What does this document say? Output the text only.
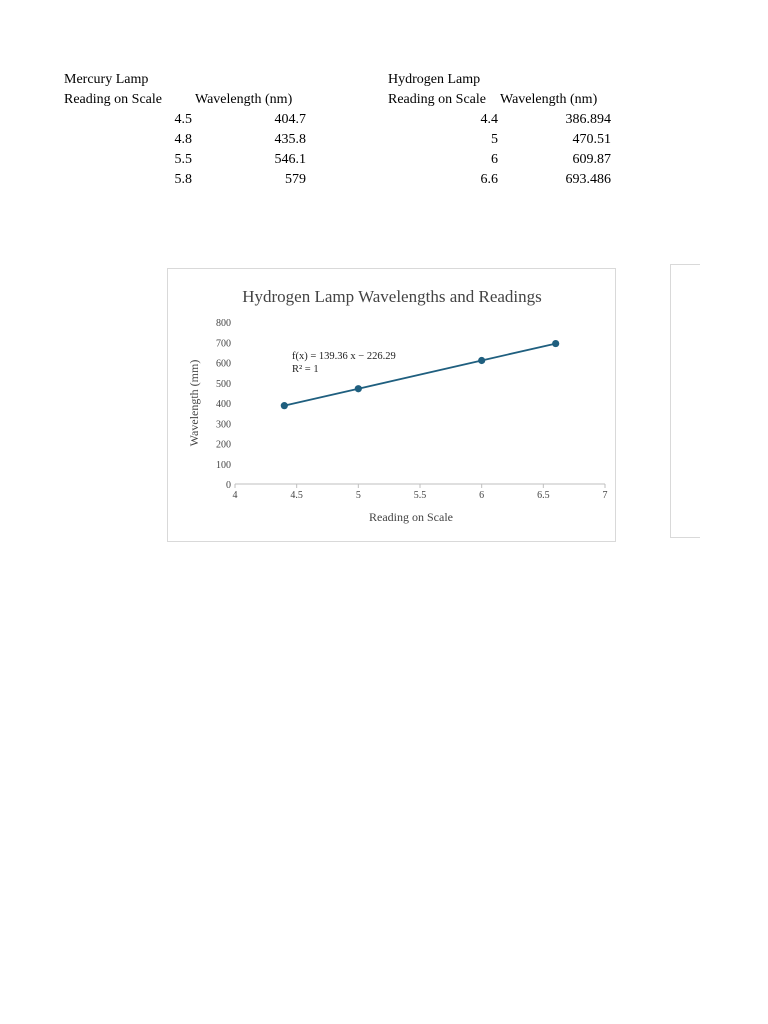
Mercury Lamp
Reading on Scale Wavelength (nm)
4.5	404.7
4.8	435.8
5.5	546.1
5.8	579
Hydrogen Lamp
Reading on Scale Wavelength (nm)
4.4	386.894
5	470.51
6	609.87
6.6	693.486
Hydrogen Lamp Wavelengths and Readings
Wavelength (mm)
Reading on Scale
f(x) = 139.36 x − 226.29
R² = 1
0
100
200
300
400
500
600
700
800
4	4.5	5	5.5	6	6.5	7
